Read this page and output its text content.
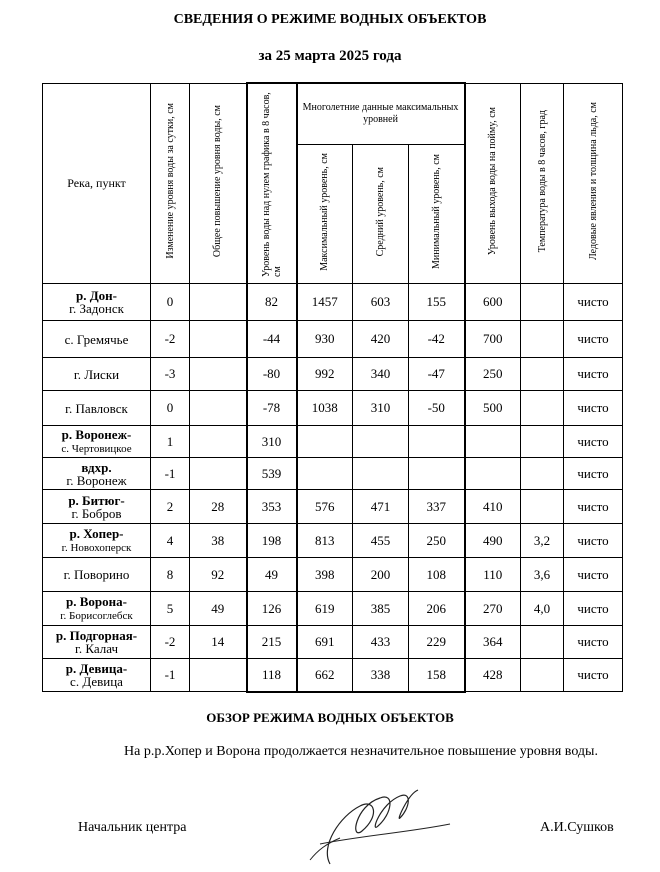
СВЕДЕНИЯ О РЕЖИМЕ ВОДНЫХ ОБЪЕКТОВ
за 25 марта 2025 года
Река, пункт	Изменение уровня воды за сутки, см	Общее повышение уровня воды, см	Уровень воды над нулем графика в 8 часов, см	Многолетние данные максимальных уровней			Уровень выхода воды на пойму, см	Температура воды в 8 часов, град	Ледовые явления и толщина льда, см
				Максимальный уровень, см	Средний уровень, см	Минимальный уровень, см			
р. Дон-
г. Задонск	0		82	1457	603	155	600		чисто
с. Гремячье	-2		-44	930	420	-42	700		чисто
г. Лиски	-3		-80	992	340	-47	250		чисто
г. Павловск	0		-78	1038	310	-50	500		чисто
р. Воронеж-
с. Чертовицкое	1		310						чисто
вдхр.
г. Воронеж	-1		539						чисто
р. Битюг-
г. Бобров	2	28	353	576	471	337	410		чисто
р. Хопер-
г. Новохоперск	4	38	198	813	455	250	490	3,2	чисто
г. Поворино	8	92	49	398	200	108	110	3,6	чисто
р. Ворона-
г. Борисоглебск	5	49	126	619	385	206	270	4,0	чисто
р. Подгорная-
г. Калач	-2	14	215	691	433	229	364		чисто
р. Девица-
с. Девица	-1		118	662	338	158	428		чисто
ОБЗОР РЕЖИМА ВОДНЫХ ОБЪЕКТОВ
На р.р.Хопер и Ворона продолжается незначительное повышение уровня воды.
Начальник центра	А.И.Сушков
